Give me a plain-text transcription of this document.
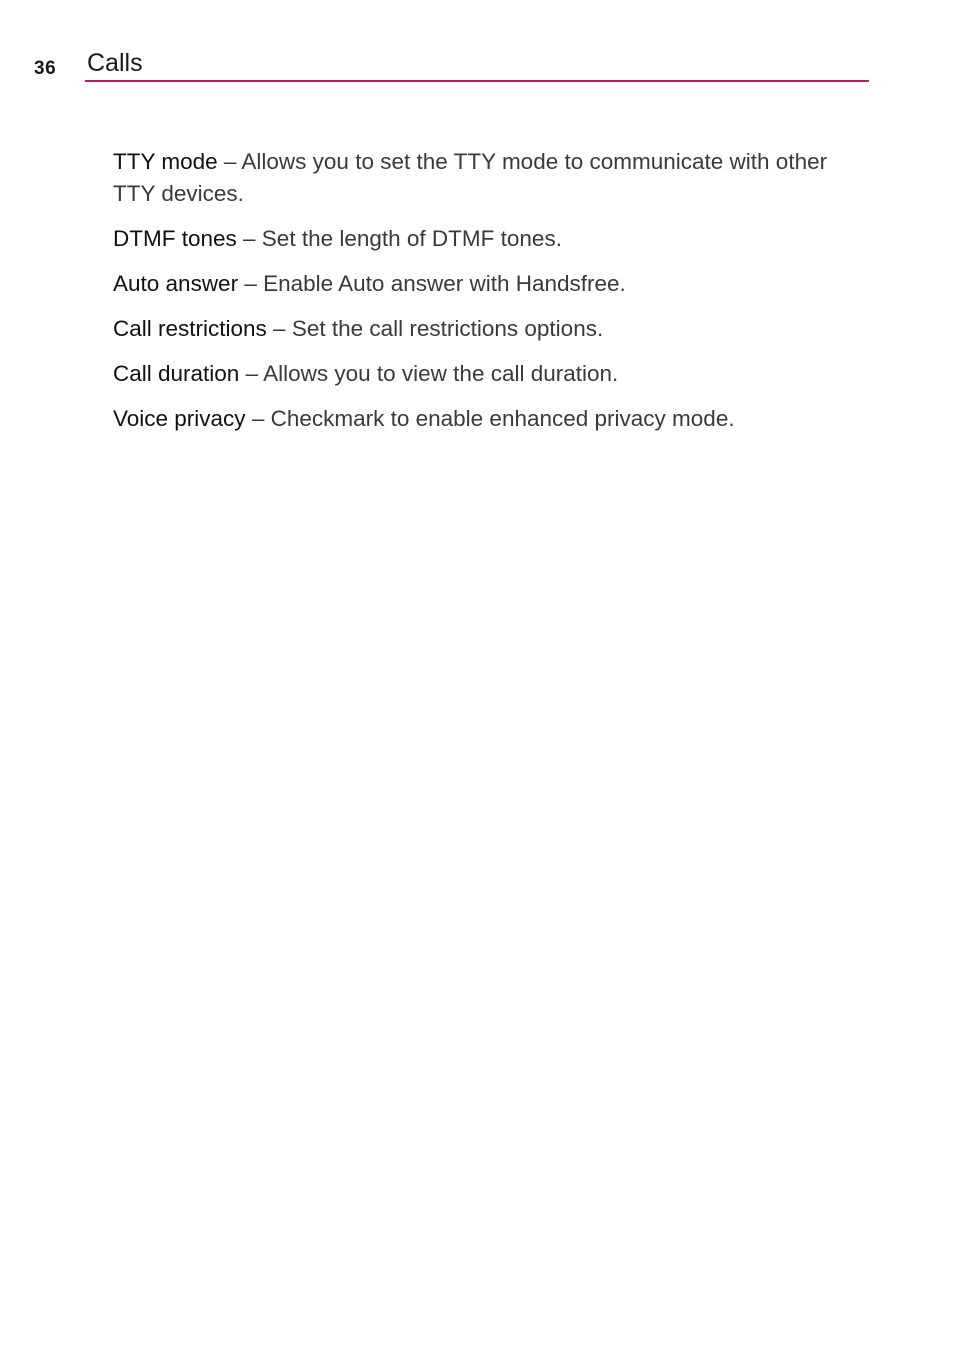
36 Calls

TTY mode – Allows you to set the TTY mode to communicate with other TTY devices.

DTMF tones – Set the length of DTMF tones.

Auto answer – Enable Auto answer with Handsfree.

Call restrictions – Set the call restrictions options.

Call duration – Allows you to view the call duration.

Voice privacy – Checkmark to enable enhanced privacy mode.
